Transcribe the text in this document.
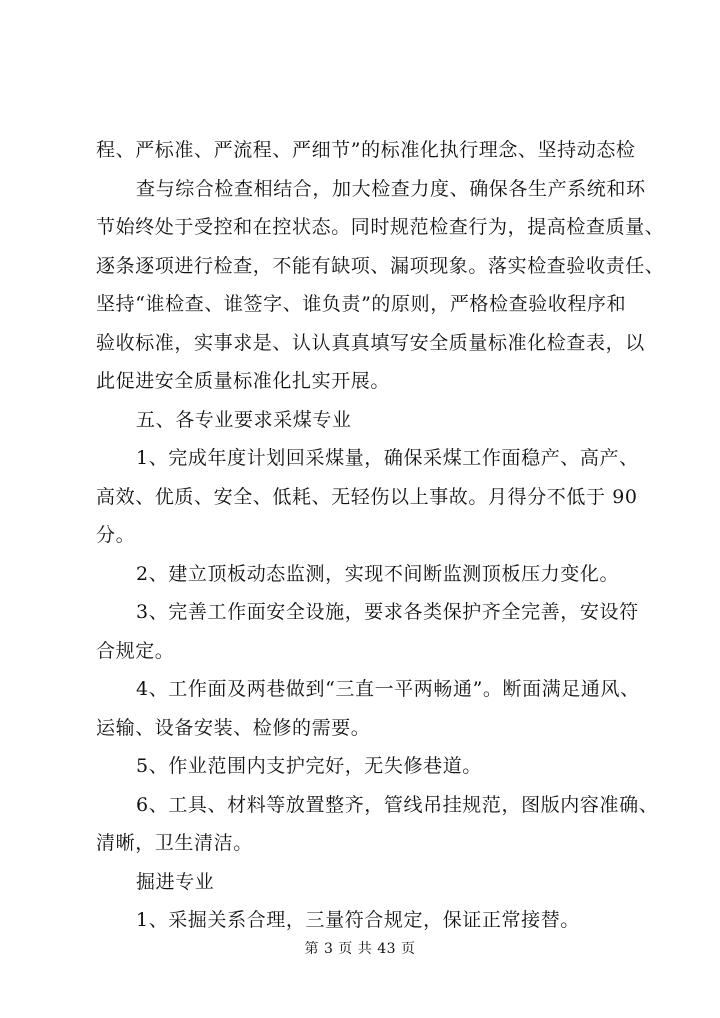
程、严标准、严流程、严细节”的标准化执行理念、坚持动态检
查与综合检查相结合，加大检查力度、确保各生产系统和环
节始终处于受控和在控状态。同时规范检查行为，提高检查质量、
逐条逐项进行检查，不能有缺项、漏项现象。落实检查验收责任、
坚持“谁检查、谁签字、谁负责”的原则，严格检查验收程序和
验收标准，实事求是、认认真真填写安全质量标准化检查表，以
此促进安全质量标准化扎实开展。
五、各专业要求采煤专业
1、完成年度计划回采煤量，确保采煤工作面稳产、高产、
高效、优质、安全、低耗、无轻伤以上事故。月得分不低于 90
分。
2、建立顶板动态监测，实现不间断监测顶板压力变化。
3、完善工作面安全设施，要求各类保护齐全完善，安设符
合规定。
4、工作面及两巷做到“三直一平两畅通”。断面满足通风、
运输、设备安装、检修的需要。
5、作业范围内支护完好，无失修巷道。
6、工具、材料等放置整齐，管线吊挂规范，图版内容准确、
清晰，卫生清洁。
掘进专业
1、采掘关系合理，三量符合规定，保证正常接替。
第 3 页 共 43 页
